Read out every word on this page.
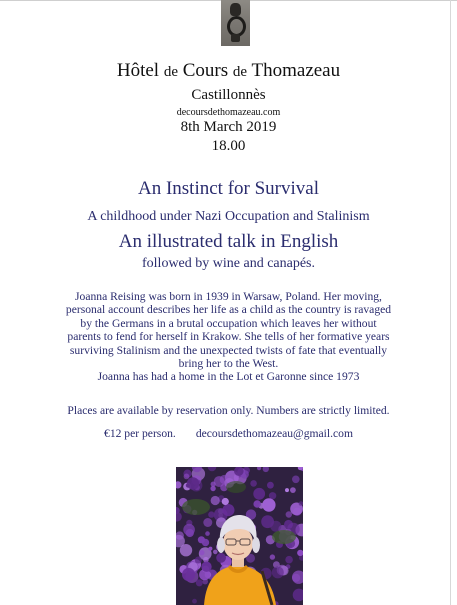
Hôtel de Cours de Thomazeau
Castillonnès
decoursdethomazeau.com
8th March 2019
18.00
An Instinct for Survival
A childhood under Nazi Occupation and Stalinism
An illustrated talk in English
followed by wine and canapés.
Joanna Reising was born in 1939 in Warsaw, Poland. Her moving,
personal account describes her life as a child as the country is ravaged
by the Germans in a brutal occupation which leaves her without
parents to fend for herself in Krakow. She tells of her formative years
surviving Stalinism and the unexpected twists of fate that eventually
bring her to the West.
Joanna has had a home in the Lot et Garonne since 1973
Places are available by reservation only. Numbers are strictly limited.
€12 per person. decoursdethomazeau@gmail.com
